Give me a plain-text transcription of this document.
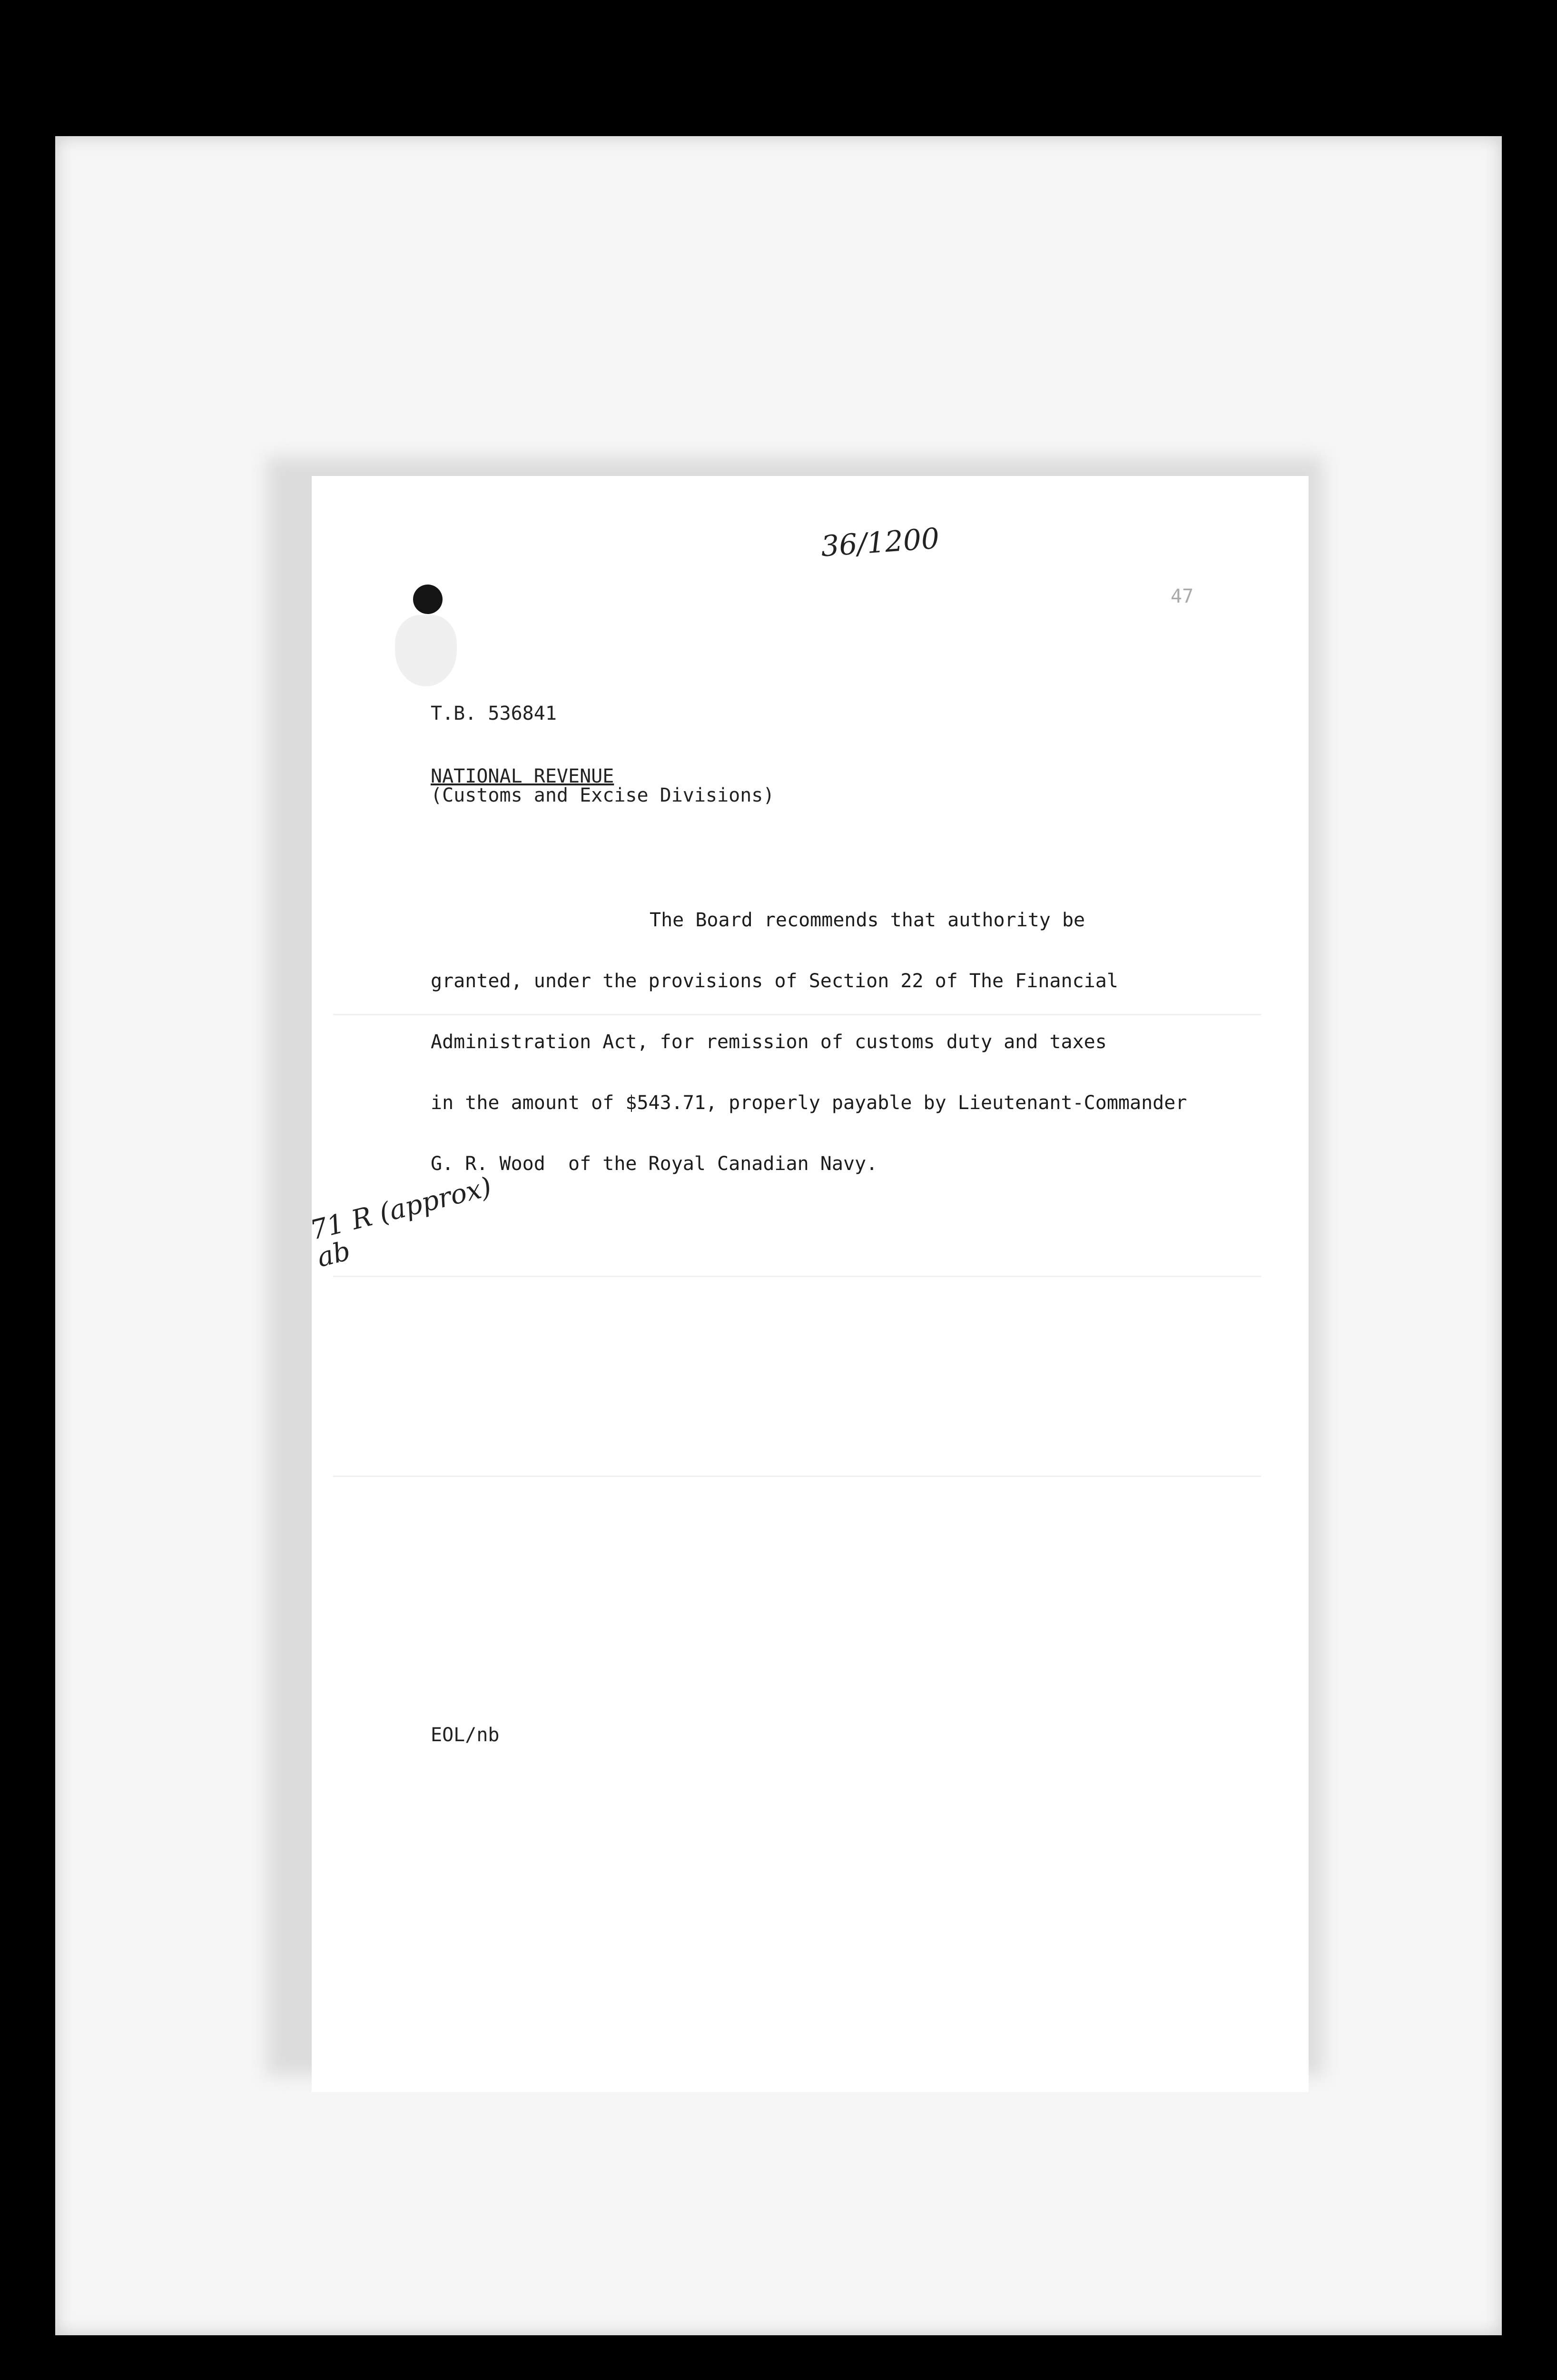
36/1200
47
T.B. 536841
NATIONAL REVENUE
(Customs and Excise Divisions)
The Board recommends that authority be
granted, under the provisions of Section 22 of The Financial
Administration Act, for remission of customs duty and taxes
in the amount of $543.71, properly payable by Lieutenant-Commander
G. R. Wood  of the Royal Canadian Navy.
71 R (approx)
ab
EOL/nb
